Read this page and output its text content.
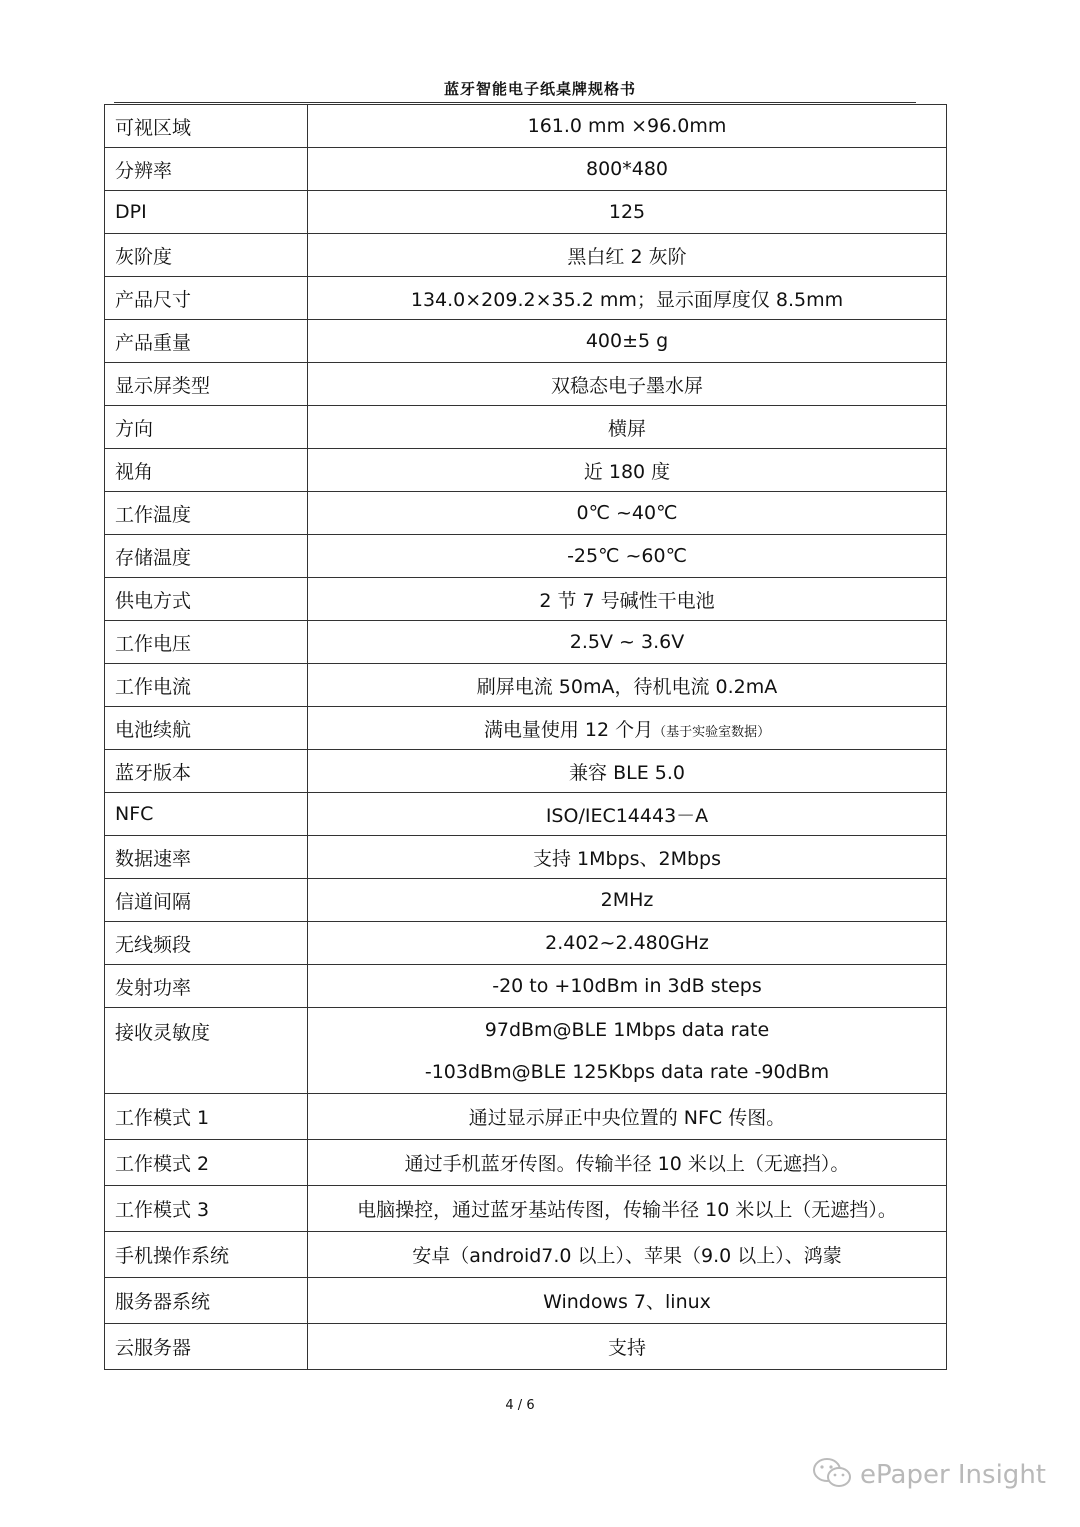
蓝牙智能电子纸桌牌规格书
可视区域	161.0 mm ×96.0mm
分辨率	800*480
DPI	125
灰阶度	黑白红 2 灰阶
产品尺寸	134.0×209.2×35.2 mm；显示面厚度仅 8.5mm
产品重量	400±5 g
显示屏类型	双稳态电子墨水屏
方向	横屏
视角	近 180 度
工作温度	0℃ ~40℃
存储温度	-25℃ ~60℃
供电方式	2 节 7 号碱性干电池
工作电压	2.5V ~ 3.6V
工作电流	刷屏电流 50mA，待机电流 0.2mA
电池续航	满电量使用 12 个月（基于实验室数据）
蓝牙版本	兼容 BLE 5.0
NFC	ISO/IEC14443－A
数据速率	支持 1Mbps、2Mbps
信道间隔	2MHz
无线频段	2.402~2.480GHz
发射功率	-20 to +10dBm in 3dB steps
接收灵敏度	97dBm@BLE 1Mbps data rate
-103dBm@BLE 125Kbps data rate -90dBm

工作模式 1	通过显示屏正中央位置的 NFC 传图。
工作模式 2	通过手机蓝牙传图。传输半径 10 米以上（无遮挡）。
工作模式 3	电脑操控，通过蓝牙基站传图，传输半径 10 米以上（无遮挡）。
手机操作系统	安卓（android7.0 以上）、苹果（9.0 以上）、鸿蒙
服务器系统	Windows 7、linux
云服务器	支持
4 / 6
ePaper Insight
